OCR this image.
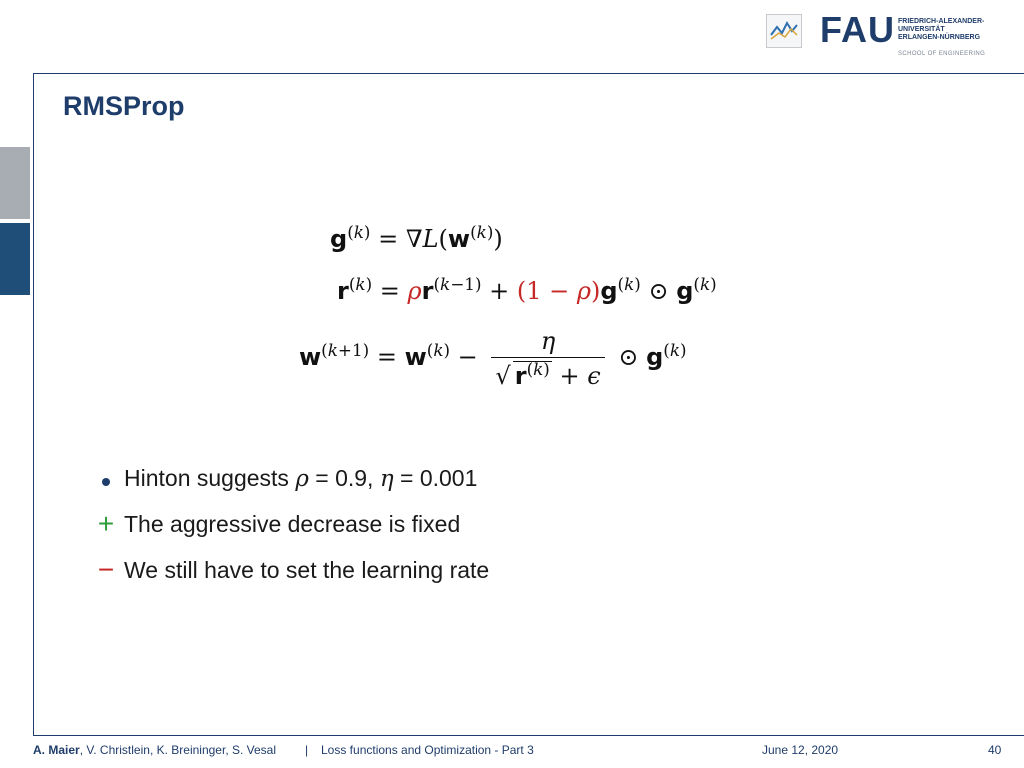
FAU FRIEDRICH-ALEXANDER-
UNIVERSITÄT
ERLANGEN-NÜRNBERG
SCHOOL OF ENGINEERING
RMSProp
$g^{(k)} = \nabla L(w^{(k)})$
$r^{(k)} = \rho r^{(k-1)} + (1 - \rho)g^{(k)}$ ⊙ $g^{(k)}$
$w^{(k+1)} = w^{(k)} - \frac{\eta}{√ r^{(k)} + \epsilon}$ ⊙ $g^{(k)}$
Hinton suggests ρ = 0.9, η = 0.001
+ The aggressive decrease is fixed
− We still have to set the learning rate
A. Maier, V. Christlein, K. Breininger, S. Vesal | Loss functions and Optimization - Part 3	June 12, 2020	40
